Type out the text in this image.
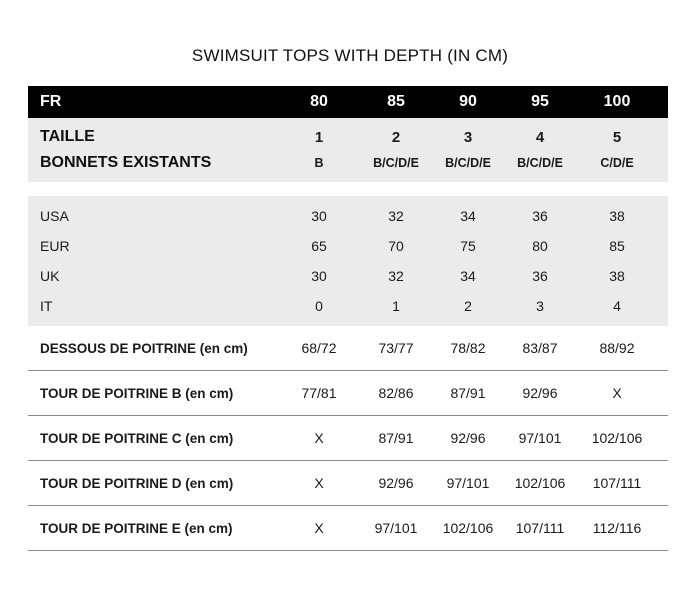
SWIMSUIT TOPS WITH DEPTH (IN CM)
FR	80	85	90	95	100
TAILLE	1	2	3	4	5
BONNETS EXISTANTS	B	B/C/D/E	B/C/D/E	B/C/D/E	C/D/E
USA	30	32	34	36	38
EUR	65	70	75	80	85
UK	30	32	34	36	38
IT	0	1	2	3	4
DESSOUS DE POITRINE (en cm)	68/72	73/77	78/82	83/87	88/92
TOUR DE POITRINE B (en cm)	77/81	82/86	87/91	92/96	X
TOUR DE POITRINE C (en cm)	X	87/91	92/96	97/101	102/106
TOUR DE POITRINE D (en cm)	X	92/96	97/101	102/106	107/111
TOUR DE POITRINE E (en cm)	X	97/101	102/106	107/111	112/116
